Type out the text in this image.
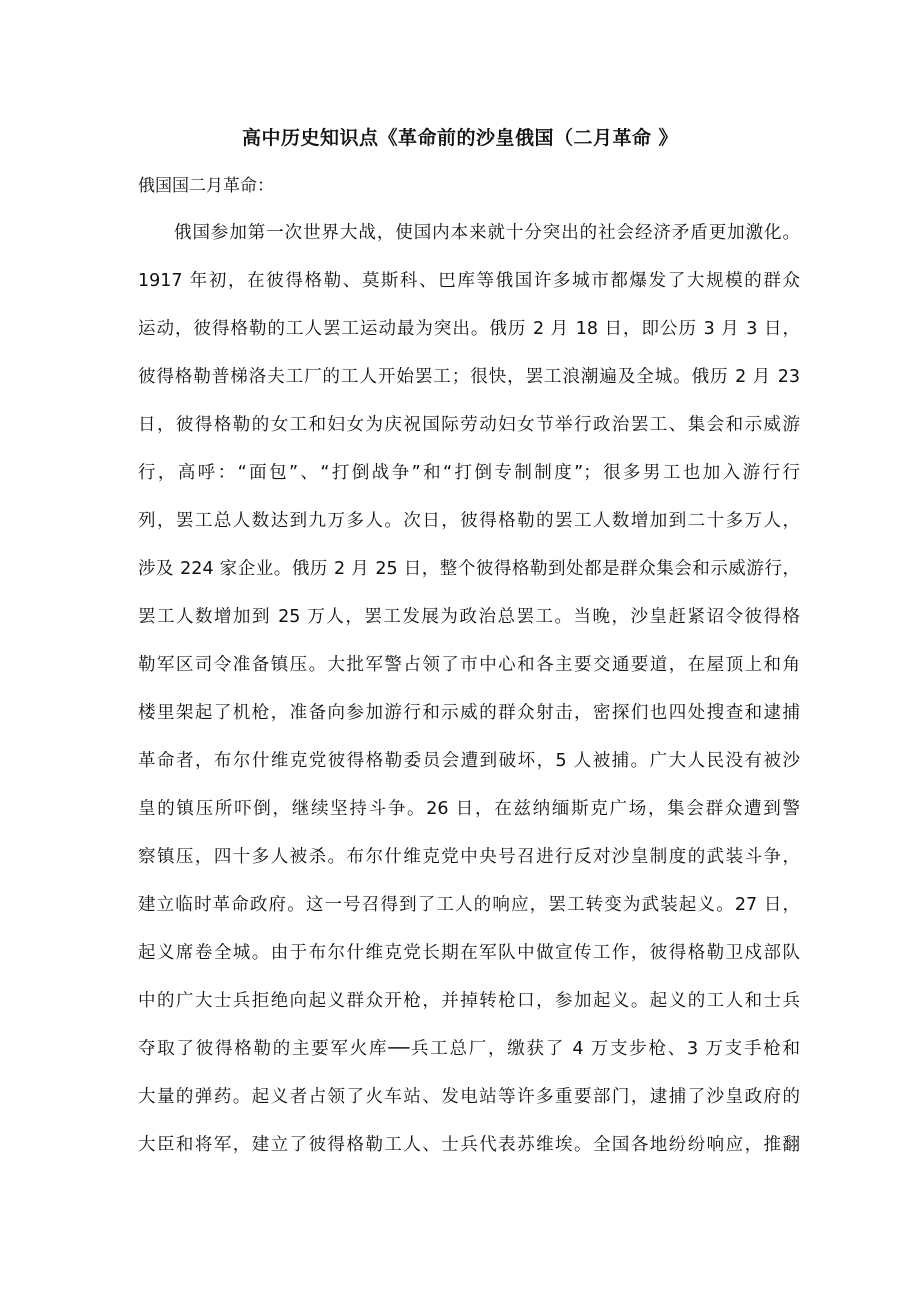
高中历史知识点《革命前的沙皇俄国（二月革命 》

俄国国二月革命：

俄国参加第一次世界大战，使国内本来就十分突出的社会经济矛盾更加激化。
1917 年初，在彼得格勒、莫斯科、巴库等俄国许多城市都爆发了大规模的群众
运动，彼得格勒的工人罢工运动最为突出。俄历 2 月 18 日，即公历 3 月 3 日，
彼得格勒普梯洛夫工厂的工人开始罢工；很快，罢工浪潮遍及全城。俄历 2 月 23
日，彼得格勒的女工和妇女为庆祝国际劳动妇女节举行政治罢工、集会和示威游
行，高呼：“面包”、“打倒战争”和“打倒专制制度”；很多男工也加入游行行
列，罢工总人数达到九万多人。次日，彼得格勒的罢工人数增加到二十多万人，
涉及 224 家企业。俄历 2 月 25 日，整个彼得格勒到处都是群众集会和示威游行，
罢工人数增加到 25 万人，罢工发展为政治总罢工。当晚，沙皇赶紧诏令彼得格
勒军区司令准备镇压。大批军警占领了市中心和各主要交通要道，在屋顶上和角
楼里架起了机枪，准备向参加游行和示威的群众射击，密探们也四处搜查和逮捕
革命者，布尔什维克党彼得格勒委员会遭到破坏，5 人被捕。广大人民没有被沙
皇的镇压所吓倒，继续坚持斗争。26 日，在兹纳缅斯克广场，集会群众遭到警
察镇压，四十多人被杀。布尔什维克党中央号召进行反对沙皇制度的武装斗争，
建立临时革命政府。这一号召得到了工人的响应，罢工转变为武装起义。27 日，
起义席卷全城。由于布尔什维克党长期在军队中做宣传工作，彼得格勒卫戍部队
中的广大士兵拒绝向起义群众开枪，并掉转枪口，参加起义。起义的工人和士兵
夺取了彼得格勒的主要军火库──兵工总厂，缴获了 4 万支步枪、3 万支手枪和
大量的弹药。起义者占领了火车站、发电站等许多重要部门，逮捕了沙皇政府的
大臣和将军，建立了彼得格勒工人、士兵代表苏维埃。全国各地纷纷响应，推翻
